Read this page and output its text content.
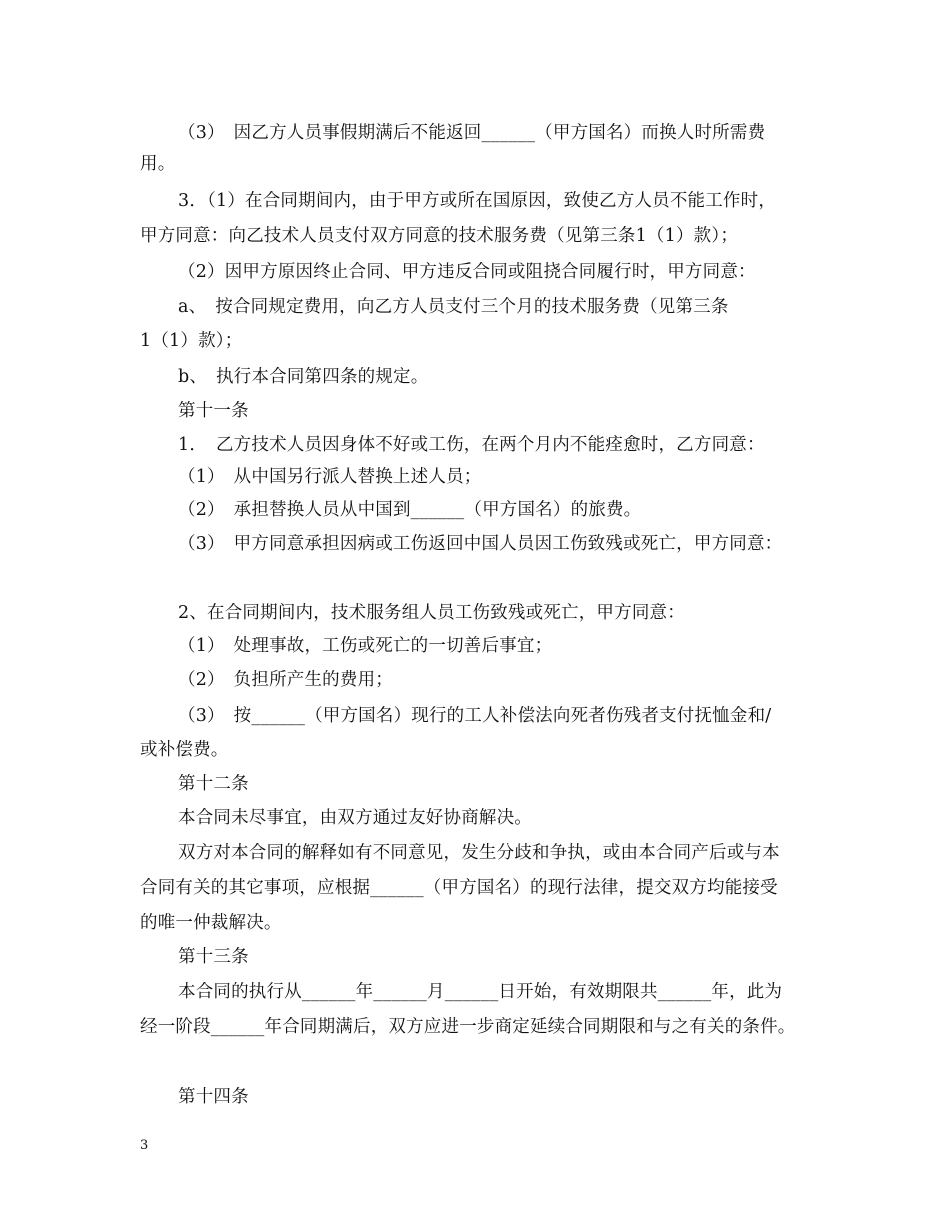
（3）　因乙方人员事假期满后不能返回______（甲方国名）而换人时所需费
用。
3．（1）在合同期间内，由于甲方或所在国原因，致使乙方人员不能工作时，
甲方同意：向乙技术人员支付双方同意的技术服务费（见第三条1（1）款）；
（2）因甲方原因终止合同、甲方违反合同或阻挠合同履行时，甲方同意：
a、　按合同规定费用，向乙方人员支付三个月的技术服务费（见第三条
1（1）款）；
b、　执行本合同第四条的规定。
第十一条
1．　乙方技术人员因身体不好或工伤，在两个月内不能痊愈时，乙方同意：
（1）　从中国另行派人替换上述人员；
（2）　承担替换人员从中国到______（甲方国名）的旅费。
（3）　甲方同意承担因病或工伤返回中国人员因工伤致残或死亡，甲方同意：
2、在合同期间内，技术服务组人员工伤致残或死亡，甲方同意：
（1）　处理事故，工伤或死亡的一切善后事宜；
（2）　负担所产生的费用；
（3）　按______（甲方国名）现行的工人补偿法向死者伤残者支付抚恤金和/
或补偿费。
第十二条
本合同未尽事宜，由双方通过友好协商解决。
双方对本合同的解释如有不同意见，发生分歧和争执，或由本合同产后或与本
合同有关的其它事项，应根据______（甲方国名）的现行法律，提交双方均能接受
的唯一仲裁解决。
第十三条
本合同的执行从______年______月______日开始，有效期限共______年，此为
经一阶段______年合同期满后，双方应进一步商定延续合同期限和与之有关的条件。
第十四条
3
